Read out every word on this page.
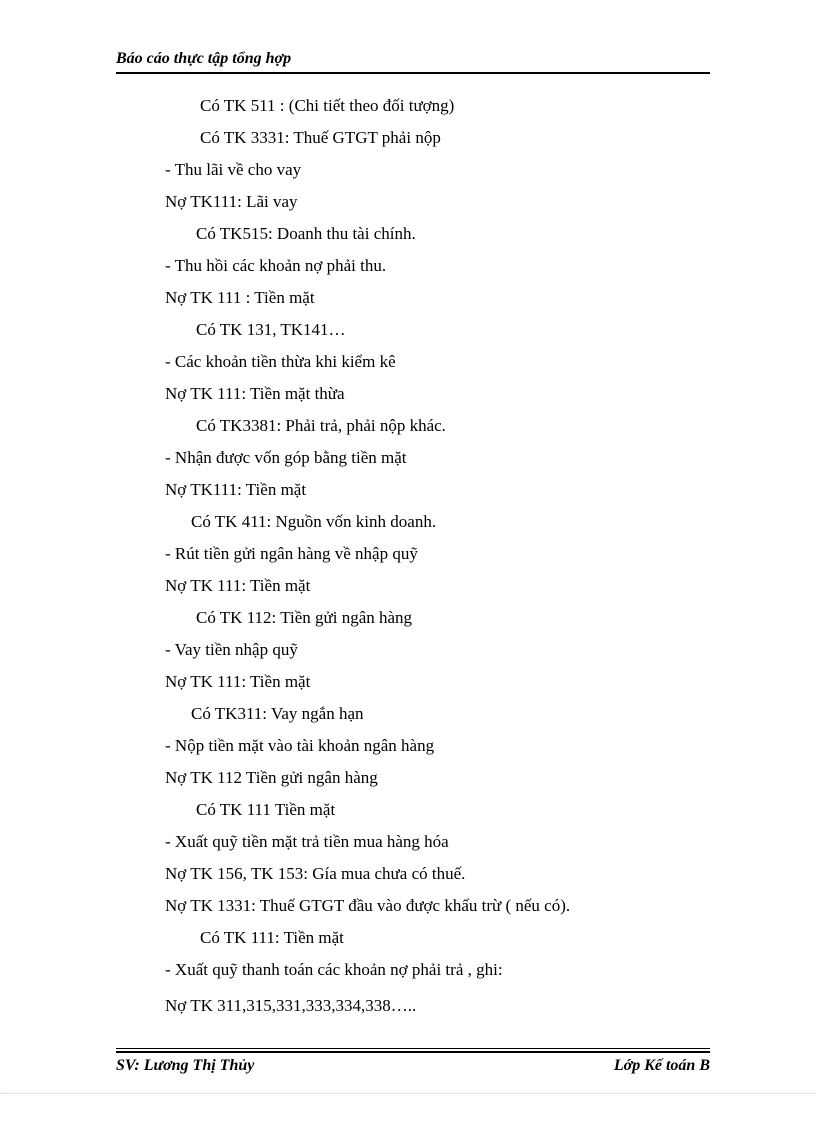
Báo cáo thực tập tổng hợp
Có TK 511 : (Chi tiết theo đối tượng)
Có TK 3331: Thuế GTGT phải nộp
- Thu lãi về cho vay
Nợ TK111: Lãi vay
Có TK515: Doanh thu tài chính.
- Thu hồi các khoản nợ phải thu.
Nợ TK 111 : Tiền mặt
Có TK 131, TK141…
- Các khoản tiền thừa khi kiểm kê
Nợ TK 111: Tiền mặt thừa
Có TK3381: Phải trả, phải nộp khác.
- Nhận được vốn góp bằng tiền mặt
Nợ TK111: Tiền mặt
Có TK 411: Nguồn vốn kinh doanh.
- Rút tiền gửi ngân hàng về nhập quỹ
Nợ TK 111: Tiền mặt
Có TK 112: Tiền gửi ngân hàng
- Vay tiền nhập quỹ
Nợ TK 111: Tiền mặt
Có TK311: Vay ngắn hạn
- Nộp tiền mặt vào tài khoản ngân hàng
Nợ TK 112 Tiền gửi ngân hàng
Có TK 111 Tiền mặt
- Xuất quỹ tiền mặt trả tiền mua hàng hóa
Nợ TK 156, TK 153: Gía mua chưa có thuế.
Nợ TK 1331: Thuế GTGT đầu vào được khấu trừ ( nếu có).
Có TK 111: Tiền mặt
- Xuất quỹ thanh toán các khoản nợ phải trả , ghi:
Nợ TK 311,315,331,333,334,338…..
SV: Lương Thị Thủy	Lớp Kế toán B
